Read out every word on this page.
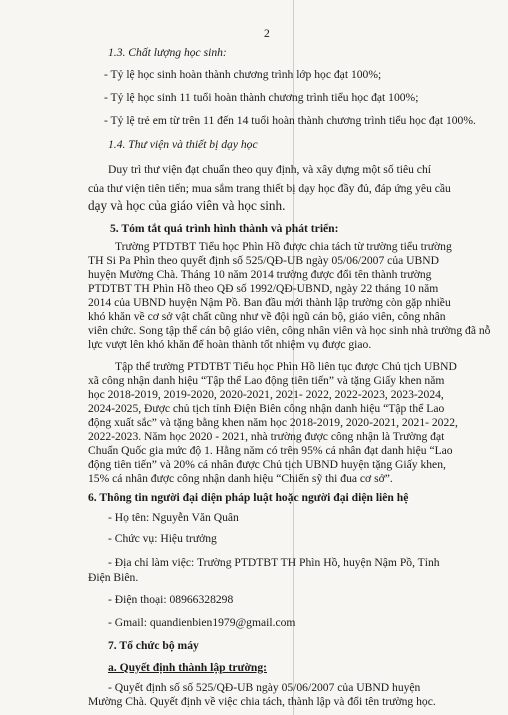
2
1.3. Chất lượng học sinh:
- Tỷ lệ học sinh hoàn thành chương trình lớp học đạt 100%;
- Tỷ lệ học sinh 11 tuổi hoàn thành chương trình tiểu học đạt 100%;
- Tỷ lệ trẻ em từ trên 11 đến 14 tuổi hoàn thành chương trình tiểu học đạt 100%.
1.4. Thư viện và thiết bị dạy học
Duy trì thư viện đạt chuẩn theo quy định, và xây dựng một số tiêu chí
của thư viện tiên tiến; mua sắm trang thiết bị dạy học đầy đủ, đáp ứng yêu cầu
dạy và học của giáo viên và học sinh.
5. Tóm tắt quá trình hình thành và phát triển:
Trường PTDTBT Tiểu học Phìn Hồ được chia tách từ trường tiểu trường
TH Si Pa Phìn theo quyết định số 525/QĐ-UB ngày 05/06/2007 của UBND
huyện Mường Chà. Tháng 10 năm 2014 trường được đổi tên thành trường
PTDTBT TH Phìn Hồ theo QĐ số 1992/QĐ-UBND, ngày 22 tháng 10 năm
2014 của UBND huyện Nậm Pồ. Ban đầu mới thành lập trường còn gặp nhiều
khó khăn về cơ sở vật chất cũng như về đội ngũ cán bộ, giáo viên, công nhân
viên chức. Song tập thể cán bộ giáo viên, công nhân viên và học sinh nhà trường đã nỗ
lực vượt lên khó khăn để hoàn thành tốt nhiệm vụ được giao.
Tập thể trường PTDTBT Tiểu học Phìn Hồ liên tục được Chủ tịch UBND
xã công nhận danh hiệu “Tập thể Lao động tiên tiến” và tặng Giấy khen năm
học 2018-2019, 2019-2020, 2020-2021, 2021- 2022, 2022-2023, 2023-2024,
2024-2025, Được chủ tịch tỉnh Điện Biên công nhận danh hiệu “Tập thể Lao
động xuất sắc” và tặng bằng khen năm học 2018-2019, 2020-2021, 2021- 2022,
2022-2023. Năm học 2020 - 2021, nhà trường được công nhận là Trường đạt
Chuẩn Quốc gia mức độ 1. Hằng năm có trên 95% cá nhân đạt danh hiệu “Lao
động tiên tiến” và 20% cá nhân được Chủ tịch UBND huyện tặng Giấy khen,
15% cá nhân được công nhận danh hiệu “Chiến sỹ thi đua cơ sở”.
6. Thông tin người đại diện pháp luật hoặc người đại diện liên hệ
- Họ tên: Nguyễn Văn Quân
- Chức vụ: Hiệu trưởng
- Địa chỉ làm việc: Trường PTDTBT TH Phìn Hồ, huyện Nậm Pồ, Tỉnh
Điện Biên.
- Điện thoại: 08966328298
- Gmail: quandienbien1979@gmail.com
7. Tổ chức bộ máy
a. Quyết định thành lập trường:
- Quyết định số số 525/QĐ-UB ngày 05/06/2007 của UBND huyện
Mường Chà. Quyết định về việc chia tách, thành lập và đổi tên trường học.
